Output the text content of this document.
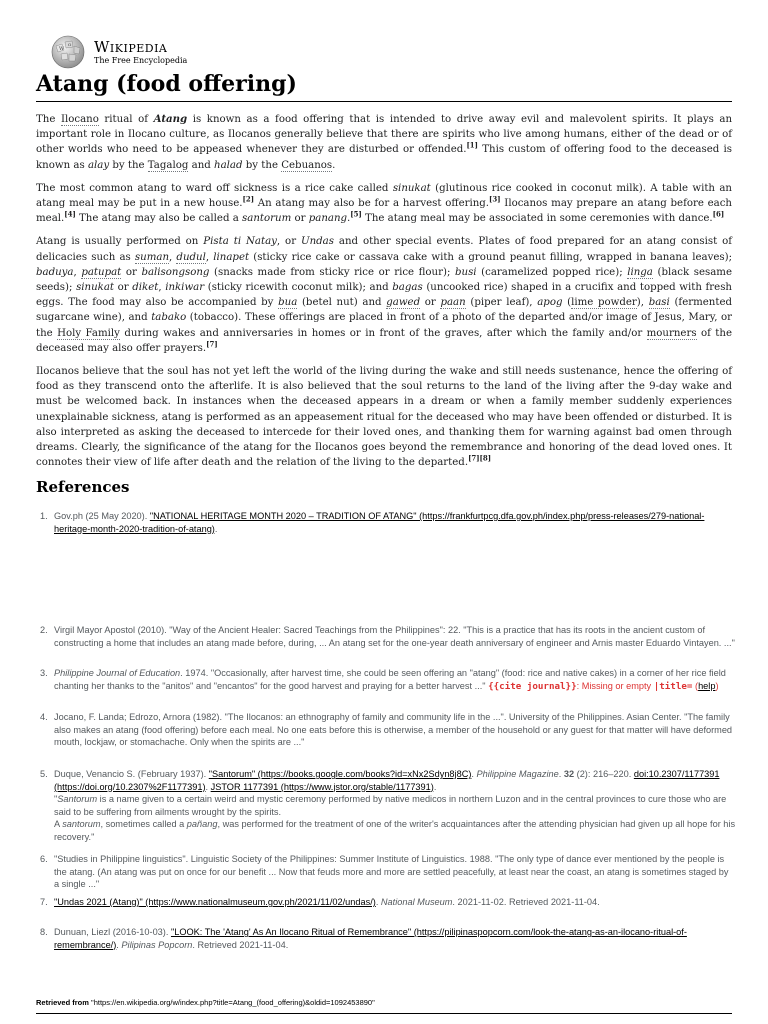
W
Ω Wikipedia
The Free Encyclopedia
Atang (food offering)

The Ilocano ritual of Atang is known as a food offering that is intended to drive away evil and malevolent spirits. It plays an important role in Ilocano culture, as Ilocanos generally believe that there are spirits who live among humans, either of the dead or of other worlds who need to be appeased whenever they are disturbed or offended.[1] This custom of offering food to the deceased is known as alay by the Tagalog and halad by the Cebuanos.

The most common atang to ward off sickness is a rice cake called sinukat (glutinous rice cooked in coconut milk). A table with an atang meal may be put in a new house.[2] An atang may also be for a harvest offering.[3] Ilocanos may prepare an atang before each meal.[4] The atang may also be called a santorum or panang.[5] The atang meal may be associated in some ceremonies with dance.[6]

Atang is usually performed on Pista ti Natay, or Undas and other special events. Plates of food prepared for an atang consist of delicacies such as suman, dudul, linapet (sticky rice cake or cassava cake with a ground peanut filling, wrapped in banana leaves); baduya, patupat or balisongsong (snacks made from sticky rice or rice flour); busi (caramelized popped rice); linga (black sesame seeds); sinukat or diket, inkiwar (sticky ricewith coconut milk); and bagas (uncooked rice) shaped in a crucifix and topped with fresh eggs. The food may also be accompanied by bua (betel nut) and gawed or paan (piper leaf), apog (lime powder), basi (fermented sugarcane wine), and tabako (tobacco). These offerings are placed in front of a photo of the departed and/or image of Jesus, Mary, or the Holy Family during wakes and anniversaries in homes or in front of the graves, after which the family and/or mourners of the deceased may also offer prayers.[7]

Ilocanos believe that the soul has not yet left the world of the living during the wake and still needs sustenance, hence the offering of food as they transcend onto the afterlife. It is also believed that the soul returns to the land of the living after the 9-day wake and must be welcomed back. In instances when the deceased appears in a dream or when a family member suddenly experiences unexplainable sickness, atang is performed as an appeasement ritual for the deceased who may have been offended or disturbed. It is also interpreted as asking the deceased to intercede for their loved ones, and thanking them for warning against bad omen through dreams. Clearly, the significance of the atang for the Ilocanos goes beyond the remembrance and honoring of the dead loved ones. It connotes their view of life after death and the relation of the living to the departed.[7][8]

References
1. Gov.ph (25 May 2020). "NATIONAL HERITAGE MONTH 2020 – TRADITION OF ATANG" (https://frankfurtpcg.dfa.gov.ph/index.php/press-releases/279-national-heritage-month-2020-tradition-of-atang).
2. Virgil Mayor Apostol (2010). "Way of the Ancient Healer: Sacred Teachings from the Philippines": 22. "This is a practice that has its roots in the ancient custom of constructing a home that includes an atang made before, during, ... An atang set for the one-year death anniversary of engineer and Arnis master Eduardo Vintayen. ..."
3. Philippine Journal of Education. 1974. "Occasionally, after harvest time, she could be seen offering an "atang" (food: rice and native cakes) in a corner of her rice field chanting her thanks to the "anitos" and "encantos" for the good harvest and praying for a better harvest ..." {{cite journal}}: Missing or empty |title= (help)
4. Jocano, F. Landa; Edrozo, Arnora (1982). "The Ilocanos: an ethnography of family and community life in the ...". University of the Philippines. Asian Center. "The family also makes an atang (food offering) before each meal. No one eats before this is otherwise, a member of the household or any guest for that matter will have deformed mouth, lockjaw, or stomachache. Only when the spirits are ..."
5. Duque, Venancio S. (February 1937). "Santorum" (https://books.google.com/books?id=xNx2Sdyn8j8C). Philippine Magazine. 32 (2): 216–220. doi:10.2307/1177391 (https://doi.org/10.2307%2F1177391). JSTOR 1177391 (https://www.jstor.org/stable/1177391).
"Santorum is a name given to a certain weird and mystic ceremony performed by native medicos in northern Luzon and in the central provinces to cure those who are said to be suffering from ailments wrought by the spirits.
A santorum, sometimes called a pañang, was performed for the treatment of one of the writer's acquaintances after the attending physician had given up all hope for his recovery."
6. "Studies in Philippine linguistics". Linguistic Society of the Philippines: Summer Institute of Linguistics. 1988. "The only type of dance ever mentioned by the people is the atang. (An atang was put on once for our benefit ... Now that feuds more and more are settled peacefully, at least near the coast, an atang is sometimes staged by a single ..."
7. "Undas 2021 (Atang)" (https://www.nationalmuseum.gov.ph/2021/11/02/undas/). National Museum. 2021-11-02. Retrieved 2021-11-04.
8. Dunuan, Liezl (2016-10-03). "LOOK: The 'Atang' As An Ilocano Ritual of Remembrance" (https://pilipinaspopcorn.com/look-the-atang-as-an-ilocano-ritual-of-remembrance/). Pilipinas Popcorn. Retrieved 2021-11-04.
Retrieved from "https://en.wikipedia.org/w/index.php?title=Atang_(food_offering)&oldid=1092453890"
